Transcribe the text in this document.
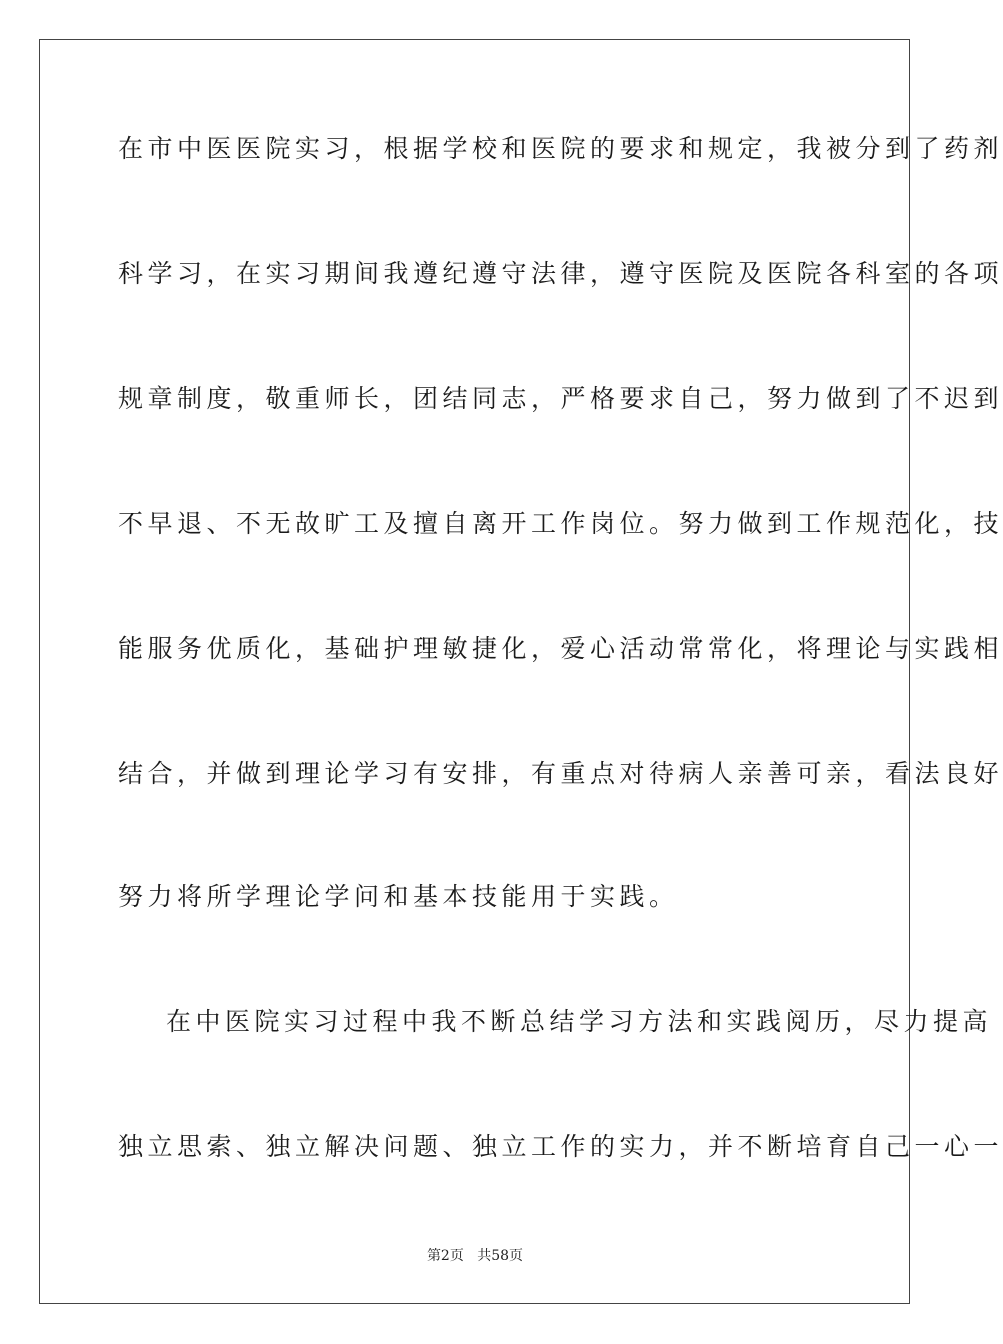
在市中医医院实习，根据学校和医院的要求和规定，我被分到了药剂
科学习，在实习期间我遵纪遵守法律，遵守医院及医院各科室的各项
规章制度，敬重师长，团结同志，严格要求自己，努力做到了不迟到
不早退、不无故旷工及擅自离开工作岗位。努力做到工作规范化，技
能服务优质化，基础护理敏捷化，爱心活动常常化，将理论与实践相
结合，并做到理论学习有安排，有重点对待病人亲善可亲，看法良好
努力将所学理论学问和基本技能用于实践。
在中医院实习过程中我不断总结学习方法和实践阅历，尽力提高
独立思索、独立解决问题、独立工作的实力，并不断培育自己一心一
第2页 共58页
